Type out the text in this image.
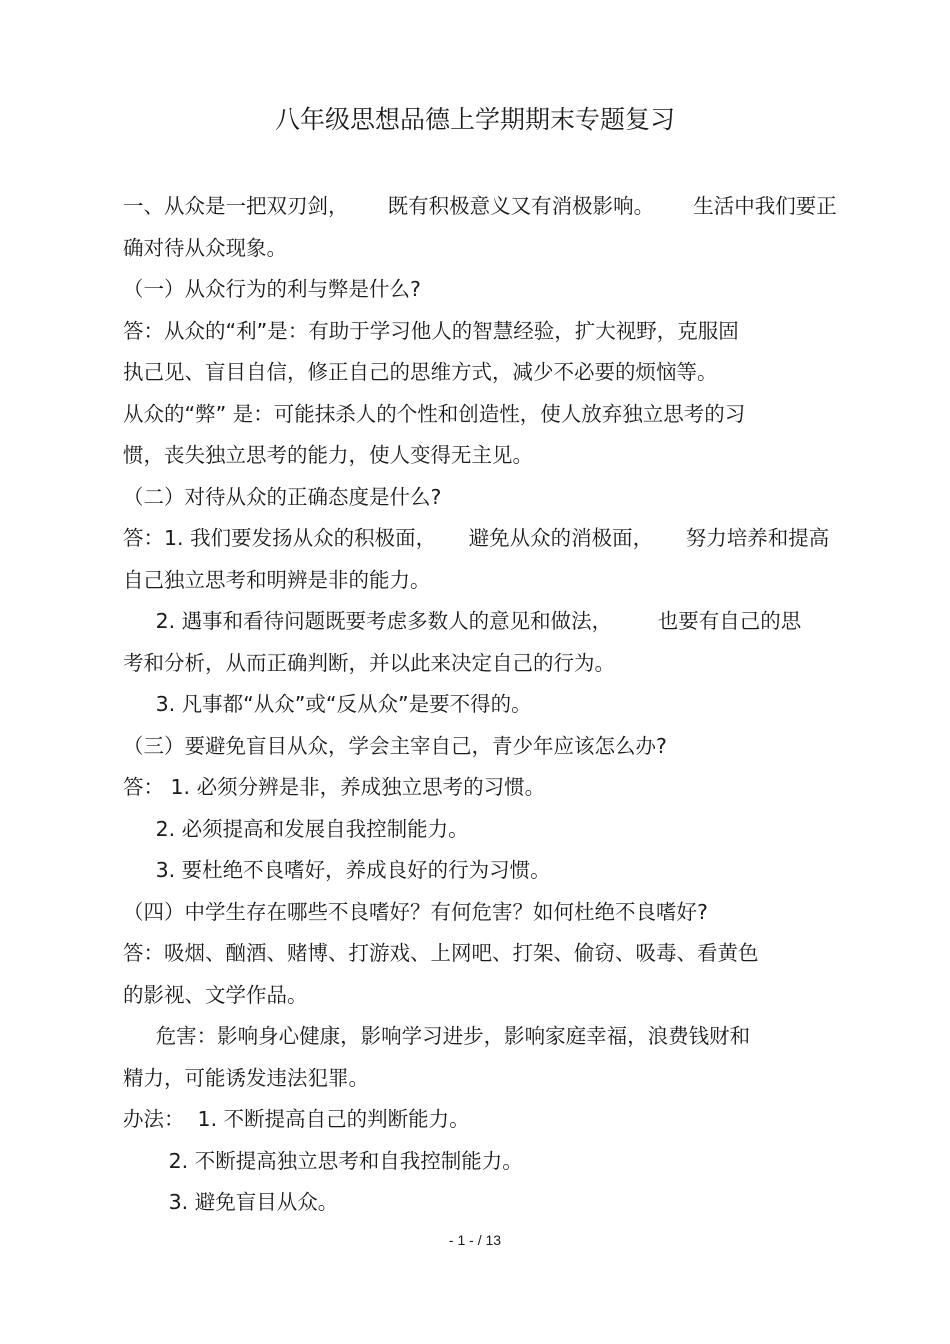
八年级思想品德上学期期末专题复习
一、从众是一把双刃剑，      既有积极意义又有消极影响。      生活中我们要正
确对待从众现象。
（一）从众行为的利与弊是什么?
答：从众的“利”是：有助于学习他人的智慧经验，扩大视野，克服固
执己见、盲目自信，修正自己的思维方式，减少不必要的烦恼等。
从众的“弊” 是：可能抹杀人的个性和创造性，使人放弃独立思考的习
惯，丧失独立思考的能力，使人变得无主见。
（二）对待从众的正确态度是什么?
答：1. 我们要发扬从众的积极面，     避免从众的消极面，     努力培养和提高
自己独立思考和明辨是非的能力。
2. 遇事和看待问题既要考虑多数人的意见和做法，       也要有自己的思
考和分析，从而正确判断，并以此来决定自己的行为。
3. 凡事都“从众”或“反从众”是要不得的。
（三）要避免盲目从众，学会主宰自己，青少年应该怎么办?
答： 1. 必须分辨是非，养成独立思考的习惯。
2. 必须提高和发展自我控制能力。
3. 要杜绝不良嗜好，养成良好的行为习惯。
（四）中学生存在哪些不良嗜好？有何危害？如何杜绝不良嗜好?
答：吸烟、酗酒、赌博、打游戏、上网吧、打架、偷窃、吸毒、看黄色
的影视、文学作品。
危害：影响身心健康，影响学习进步，影响家庭幸福，浪费钱财和
精力，可能诱发违法犯罪。
办法：  1. 不断提高自己的判断能力。
2. 不断提高独立思考和自我控制能力。
3. 避免盲目从众。
- 1 - / 13
